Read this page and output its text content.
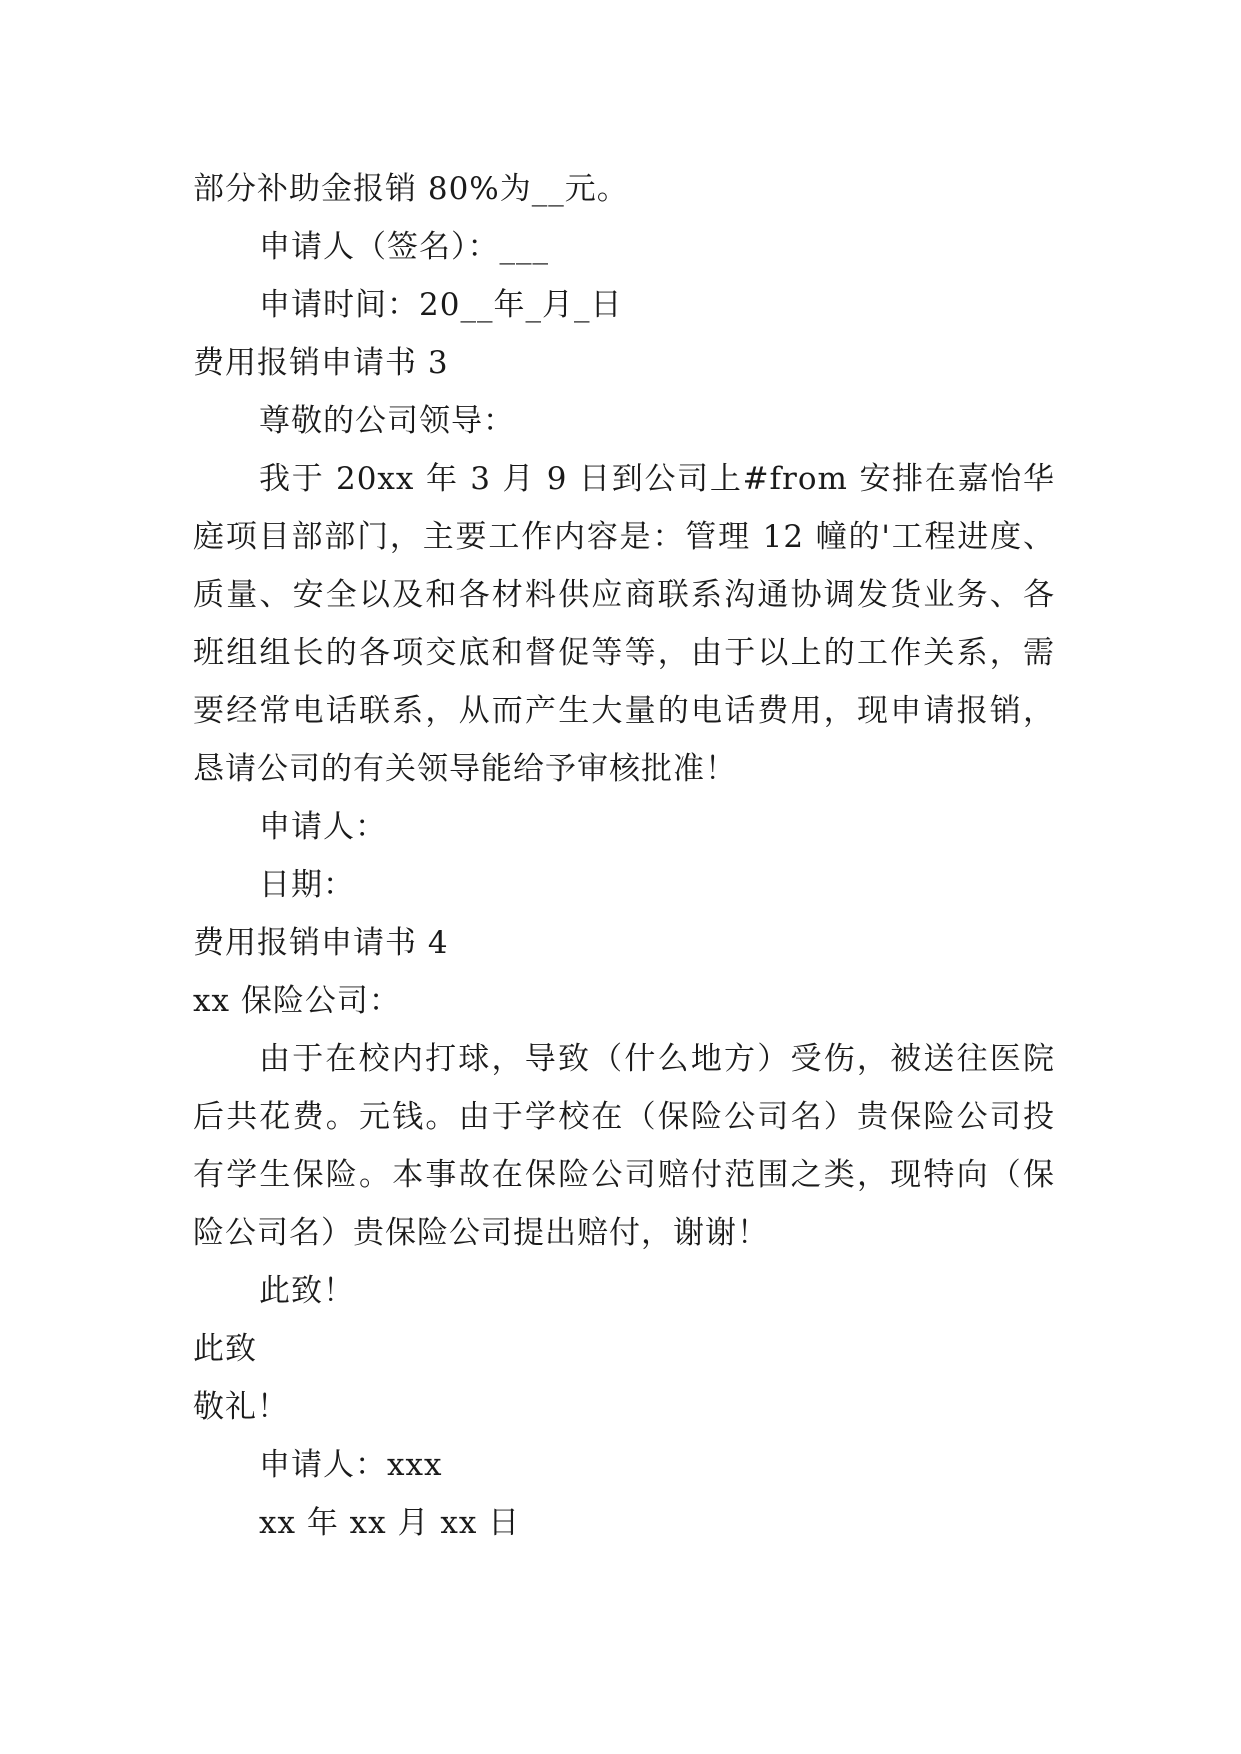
部分补助金报销 80%为__元。
申请人（签名）：___
申请时间：20__年_月_日
费用报销申请书 3
尊敬的公司领导：
我于 20xx 年 3 月 9 日到公司上#from 安排在嘉怡华庭项目部部门，主要工作内容是：管理 12 幢的'工程进度、质量、安全以及和各材料供应商联系沟通协调发货业务、各班组组长的各项交底和督促等等，由于以上的工作关系，需要经常电话联系，从而产生大量的电话费用，现申请报销，恳请公司的有关领导能给予审核批准！
申请人：
日期：
费用报销申请书 4
xx 保险公司：
由于在校内打球，导致（什么地方）受伤，被送往医院后共花费。元钱。由于学校在（保险公司名）贵保险公司投有学生保险。本事故在保险公司赔付范围之类，现特向（保险公司名）贵保险公司提出赔付，谢谢！
此致！
此致
敬礼！
申请人：xxx
xx 年 xx 月 xx 日
